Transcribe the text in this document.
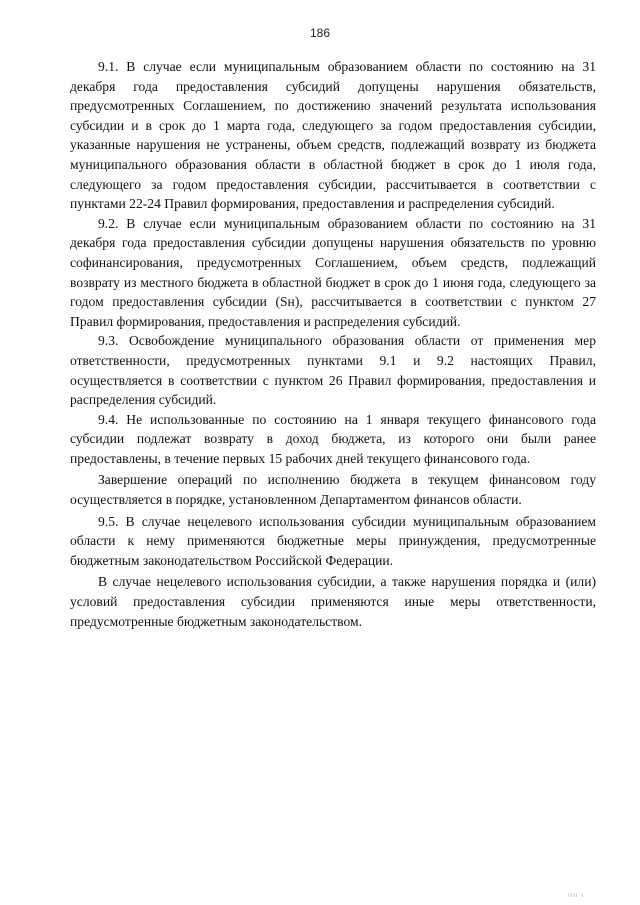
186

9.1. В случае если муниципальным образованием области по состоянию на 31 декабря года предоставления субсидий допущены нарушения обязательств, предусмотренных Соглашением, по достижению значений результата использования субсидии и в срок до 1 марта года, следующего за годом предоставления субсидии, указанные нарушения не устранены, объем средств, подлежащий возврату из бюджета муниципального образования области в областной бюджет в срок до 1 июля года, следующего за годом предоставления субсидии, рассчитывается в соответствии с пунктами 22-24 Правил формирования, предоставления и распределения субсидий.

9.2. В случае если муниципальным образованием области по состоянию на 31 декабря года предоставления субсидии допущены нарушения обязательств по уровню софинансирования, предусмотренных Соглашением, объем средств, подлежащий возврату из местного бюджета в областной бюджет в срок до 1 июня года, следующего за годом предоставления субсидии (Sн), рассчитывается в соответствии с пунктом 27 Правил формирования, предоставления и распределения субсидий.

9.3. Освобождение муниципального образования области от применения мер ответственности, предусмотренных пунктами 9.1 и 9.2 настоящих Правил, осуществляется в соответствии с пунктом 26 Правил формирования, предоставления и распределения субсидий.

9.4. Не использованные по состоянию на 1 января текущего финансового года субсидии подлежат возврату в доход бюджета, из которого они были ранее предоставлены, в течение первых 15 рабочих дней текущего финансового года.

Завершение операций по исполнению бюджета в текущем финансовом году осуществляется в порядке, установленном Департаментом финансов области.

9.5. В случае нецелевого использования субсидии муниципальным образованием области к нему применяются бюджетные меры принуждения, предусмотренные бюджетным законодательством Российской Федерации.

В случае нецелевого использования субсидии, а также нарушения порядка и (или) условий предоставления субсидии применяются иные меры ответственности, предусмотренные бюджетным законодательством.

ıııı ı
